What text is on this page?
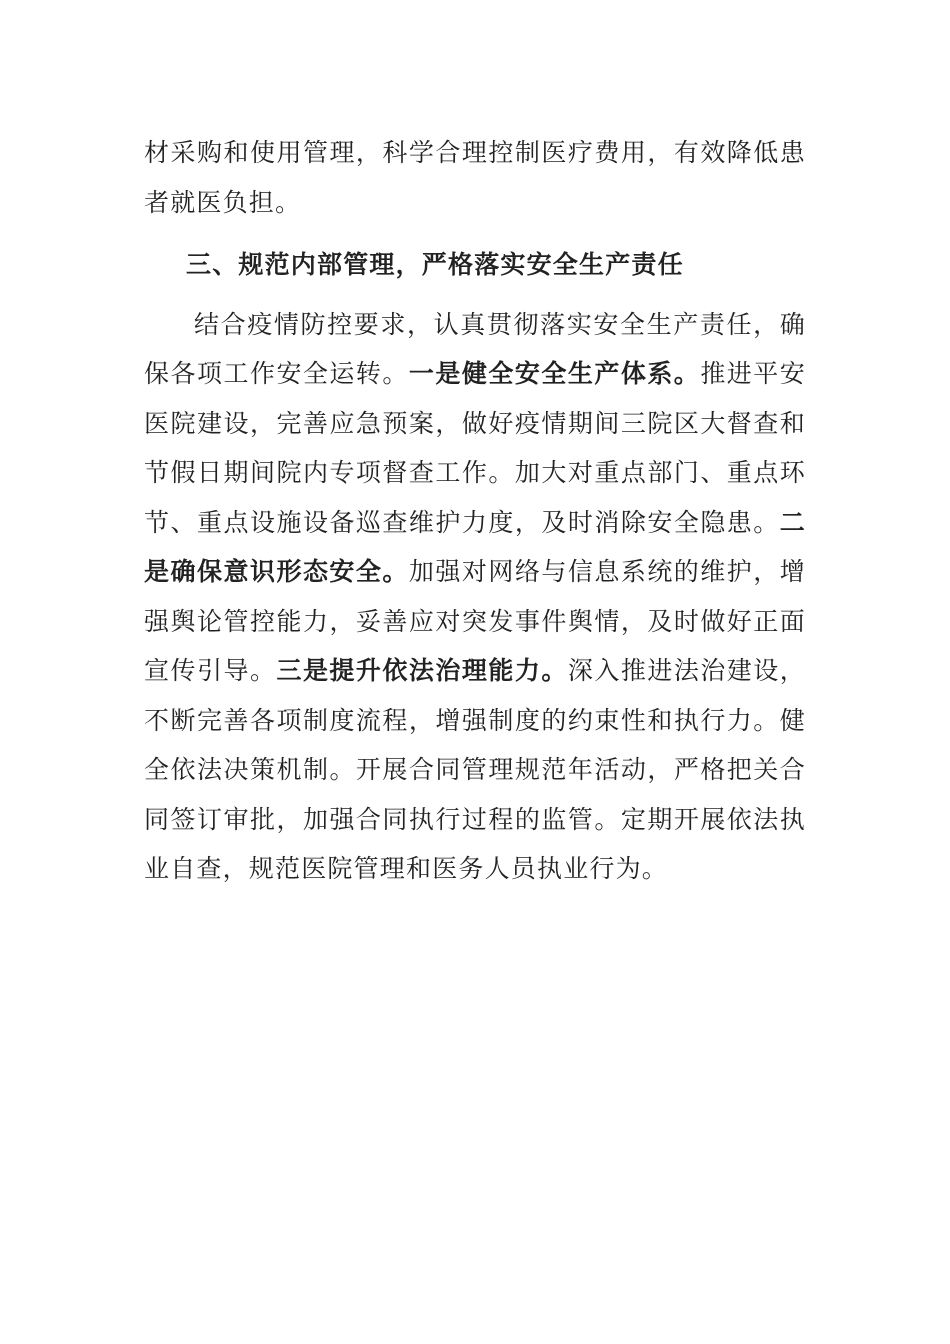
材采购和使用管理，科学合理控制医疗费用，有效降低患者就医负担。

三、规范内部管理，严格落实安全生产责任

结合疫情防控要求，认真贯彻落实安全生产责任，确保各项工作安全运转。一是健全安全生产体系。推进平安医院建设，完善应急预案，做好疫情期间三院区大督查和节假日期间院内专项督查工作。加大对重点部门、重点环节、重点设施设备巡查维护力度，及时消除安全隐患。二是确保意识形态安全。加强对网络与信息系统的维护，增强舆论管控能力，妥善应对突发事件舆情，及时做好正面宣传引导。三是提升依法治理能力。深入推进法治建设，不断完善各项制度流程，增强制度的约束性和执行力。健全依法决策机制。开展合同管理规范年活动，严格把关合同签订审批，加强合同执行过程的监管。定期开展依法执业自查，规范医院管理和医务人员执业行为。
